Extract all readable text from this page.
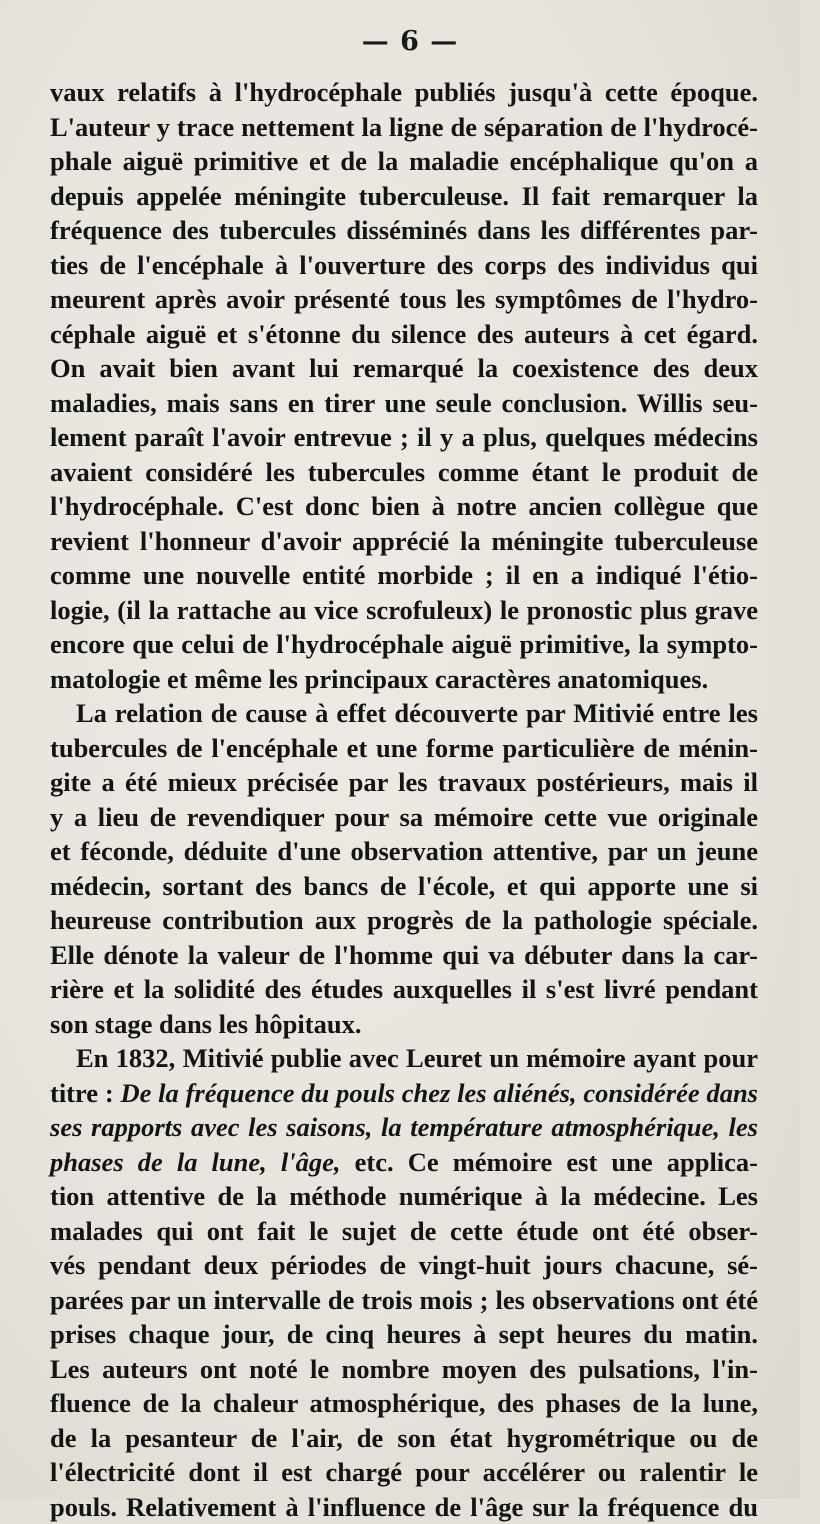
— 6 —
vaux relatifs à l'hydrocéphale publiés jusqu'à cette époque.
L'auteur y trace nettement la ligne de séparation de l'hydrocé-
phale aiguë primitive et de la maladie encéphalique qu'on a
depuis appelée méningite tuberculeuse. Il fait remarquer la
fréquence des tubercules disséminés dans les différentes par-
ties de l'encéphale à l'ouverture des corps des individus qui
meurent après avoir présenté tous les symptômes de l'hydro-
céphale aiguë et s'étonne du silence des auteurs à cet égard.
On avait bien avant lui remarqué la coexistence des deux
maladies, mais sans en tirer une seule conclusion. Willis seu-
lement paraît l'avoir entrevue ; il y a plus, quelques médecins
avaient considéré les tubercules comme étant le produit de
l'hydrocéphale. C'est donc bien à notre ancien collègue que
revient l'honneur d'avoir apprécié la méningite tuberculeuse
comme une nouvelle entité morbide ; il en a indiqué l'étio-
logie, (il la rattache au vice scrofuleux) le pronostic plus grave
encore que celui de l'hydrocéphale aiguë primitive, la sympto-
matologie et même les principaux caractères anatomiques.
La relation de cause à effet découverte par Mitivié entre les
tubercules de l'encéphale et une forme particulière de ménin-
gite a été mieux précisée par les travaux postérieurs, mais il
y a lieu de revendiquer pour sa mémoire cette vue originale
et féconde, déduite d'une observation attentive, par un jeune
médecin, sortant des bancs de l'école, et qui apporte une si
heureuse contribution aux progrès de la pathologie spéciale.
Elle dénote la valeur de l'homme qui va débuter dans la car-
rière et la solidité des études auxquelles il s'est livré pendant
son stage dans les hôpitaux.
En 1832, Mitivié publie avec Leuret un mémoire ayant pour
titre : De la fréquence du pouls chez les aliénés, considérée dans
ses rapports avec les saisons, la température atmosphérique, les
phases de la lune, l'âge, etc. Ce mémoire est une applica-
tion attentive de la méthode numérique à la médecine. Les
malades qui ont fait le sujet de cette étude ont été obser-
vés pendant deux périodes de vingt-huit jours chacune, sé-
parées par un intervalle de trois mois ; les observations ont été
prises chaque jour, de cinq heures à sept heures du matin.
Les auteurs ont noté le nombre moyen des pulsations, l'in-
fluence de la chaleur atmosphérique, des phases de la lune,
de la pesanteur de l'air, de son état hygrométrique ou de
l'électricité dont il est chargé pour accélérer ou ralentir le
pouls. Relativement à l'influence de l'âge sur la fréquence du
